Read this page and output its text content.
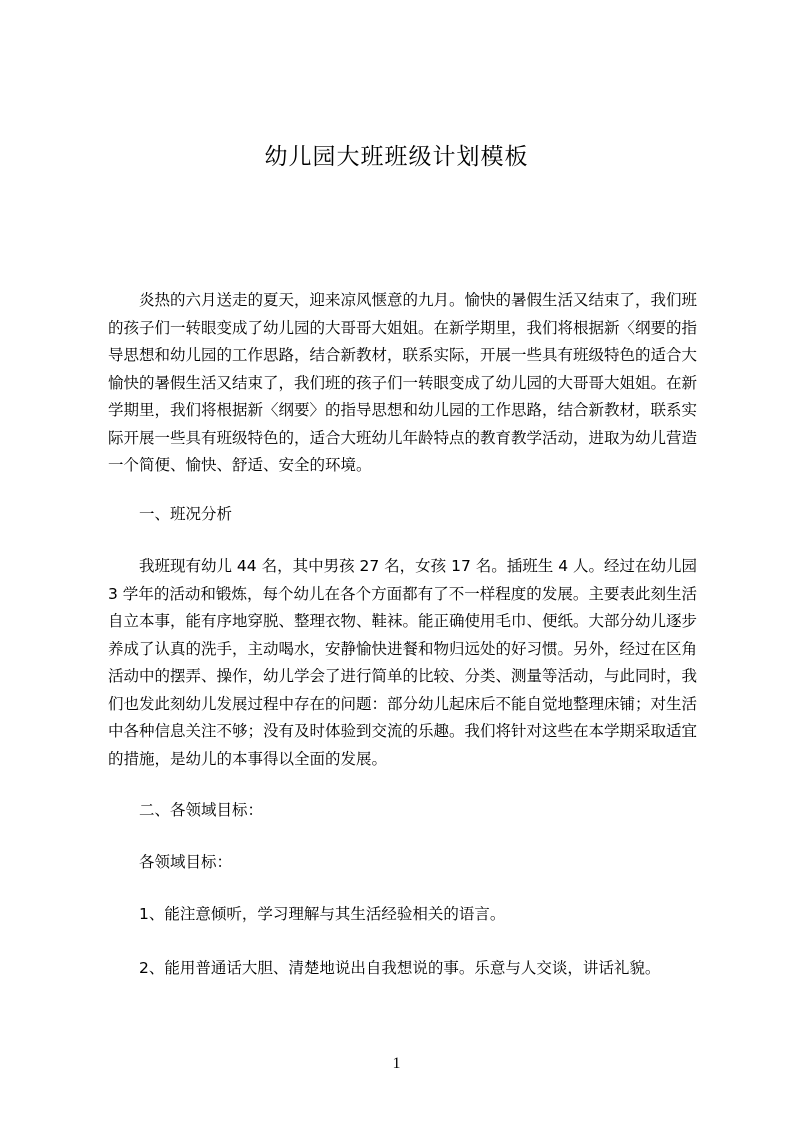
幼儿园大班班级计划模板

炎热的六月送走的夏天，迎来凉风惬意的九月。愉快的暑假生活又结束了，我们班的孩子们一转眼变成了幼儿园的大哥哥大姐姐。在新学期里，我们将根据新〈纲要的指导思想和幼儿园的工作思路，结合新教材，联系实际，开展一些具有班级特色的适合大愉快的暑假生活又结束了，我们班的孩子们一转眼变成了幼儿园的大哥哥大姐姐。在新学期里，我们将根据新〈纲要〉的指导思想和幼儿园的工作思路，结合新教材，联系实际开展一些具有班级特色的，适合大班幼儿年龄特点的教育教学活动，进取为幼儿营造一个简便、愉快、舒适、安全的环境。

一、班况分析

我班现有幼儿 44 名，其中男孩 27 名，女孩 17 名。插班生 4 人。经过在幼儿园 3 学年的活动和锻炼，每个幼儿在各个方面都有了不一样程度的发展。主要表此刻生活自立本事，能有序地穿脱、整理衣物、鞋袜。能正确使用毛巾、便纸。大部分幼儿逐步养成了认真的洗手，主动喝水，安静愉快进餐和物归远处的好习惯。另外，经过在区角活动中的摆弄、操作，幼儿学会了进行简单的比较、分类、测量等活动，与此同时，我们也发此刻幼儿发展过程中存在的问题：部分幼儿起床后不能自觉地整理床铺；对生活中各种信息关注不够；没有及时体验到交流的乐趣。我们将针对这些在本学期采取适宜的措施，是幼儿的本事得以全面的发展。

二、各领域目标：

各领域目标：

1、能注意倾听，学习理解与其生活经验相关的语言。

2、能用普通话大胆、清楚地说出自我想说的事。乐意与人交谈，讲话礼貌。

1
